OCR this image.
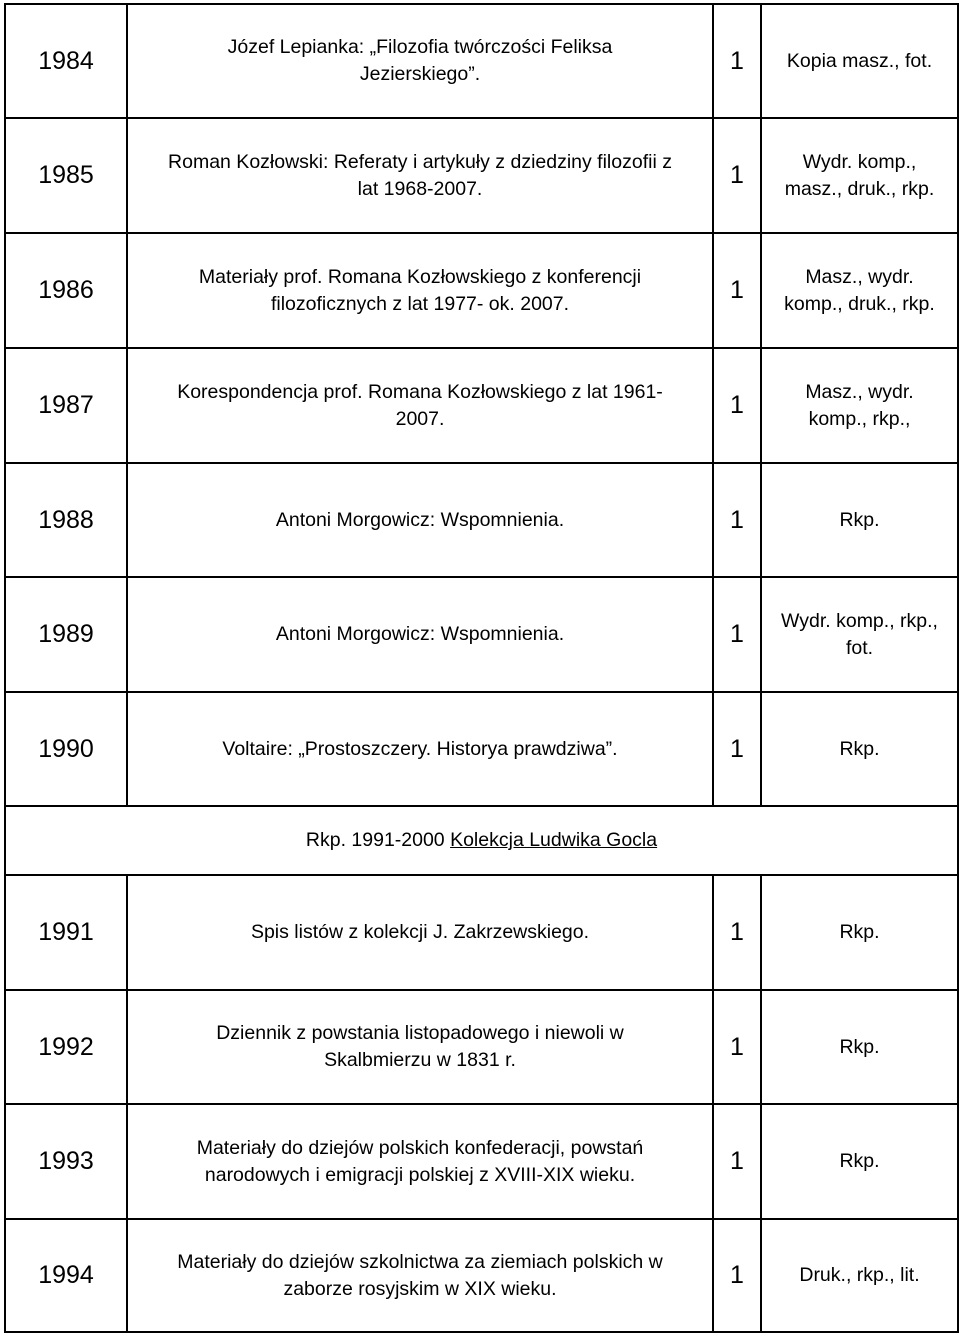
1984	Józef Lepianka: „Filozofia twórczości Feliksa
Jezierskiego”.	1	Kopia masz., fot.
1985	Roman Kozłowski: Referaty i artykuły z dziedziny filozofii z
lat 1968-2007.	1	Wydr. komp.,
masz., druk., rkp.
1986	Materiały prof. Romana Kozłowskiego z konferencji
filozoficznych z lat 1977- ok. 2007.	1	Masz., wydr.
komp., druk., rkp.
1987	Korespondencja prof. Romana Kozłowskiego z lat 1961-
2007.	1	Masz., wydr.
komp., rkp.,
1988	Antoni Morgowicz: Wspomnienia.	1	Rkp.
1989	Antoni Morgowicz: Wspomnienia.	1	Wydr. komp., rkp.,
fot.
1990	Voltaire: „Prostoszczery. Historya prawdziwa”.	1	Rkp.
Rkp. 1991-2000 Kolekcja Ludwika Gocla			
1991	Spis listów z kolekcji J. Zakrzewskiego.	1	Rkp.
1992	Dziennik z powstania listopadowego i niewoli w
Skalbmierzu w 1831 r.	1	Rkp.
1993	Materiały do dziejów polskich konfederacji, powstań
narodowych i emigracji polskiej z XVIII-XIX wieku.	1	Rkp.
1994	Materiały do dziejów szkolnictwa za ziemiach polskich w
zaborze rosyjskim w XIX wieku.	1	Druk., rkp., lit.
